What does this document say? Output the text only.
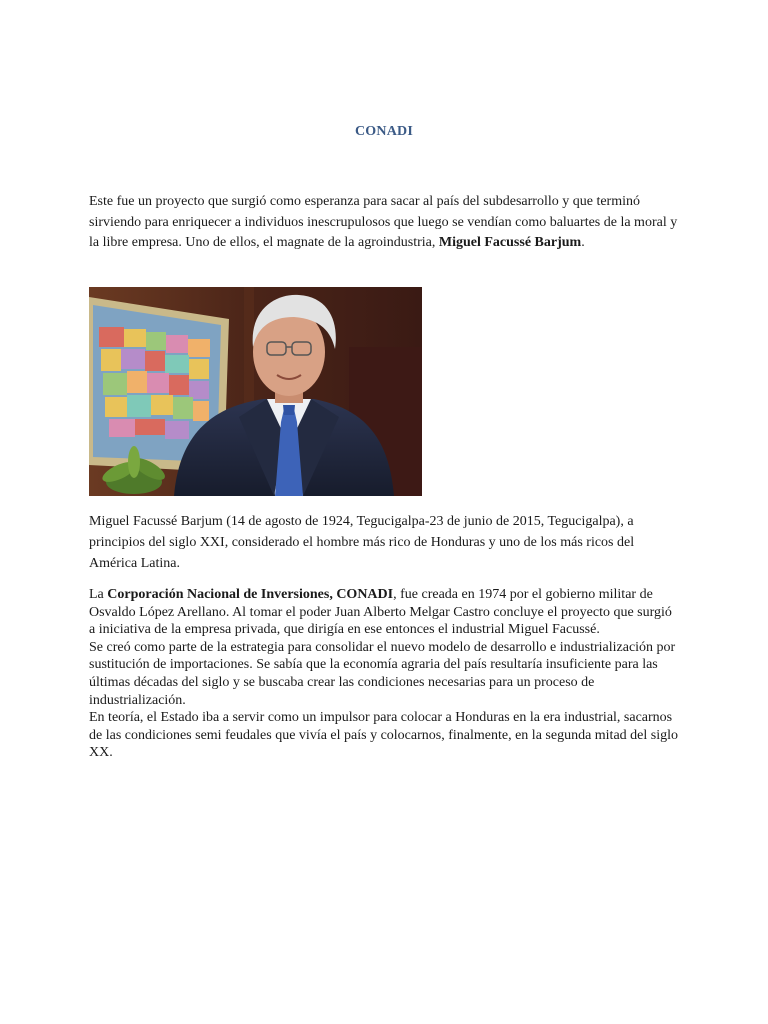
CONADI

Este fue un proyecto que surgió como esperanza para sacar al país del subdesarrollo y que terminó sirviendo para enriquecer a individuos inescrupulosos que luego se vendían como baluartes de la moral y la libre empresa. Uno de ellos, el magnate de la agroindustria, Miguel Facussé Barjum.

Miguel Facussé Barjum (14 de agosto de 1924, Tegucigalpa-23 de junio de 2015, Tegucigalpa), a principios del siglo XXI, considerado el hombre más rico de Honduras y uno de los más ricos del América Latina.

La Corporación Nacional de Inversiones, CONADI, fue creada en 1974 por el gobierno militar de Osvaldo López Arellano. Al tomar el poder Juan Alberto Melgar Castro concluye el proyecto que surgió a iniciativa de la empresa privada, que dirigía en ese entonces el industrial Miguel Facussé.
Se creó como parte de la estrategia para consolidar el nuevo modelo de desarrollo e industrialización por sustitución de importaciones. Se sabía que la economía agraria del país resultaría insuficiente para las últimas décadas del siglo y se buscaba crear las condiciones necesarias para un proceso de industrialización.
En teoría, el Estado iba a servir como un impulsor para colocar a Honduras en la era industrial, sacarnos de las condiciones semi feudales que vivía el país y colocarnos, finalmente, en la segunda mitad del siglo XX.
